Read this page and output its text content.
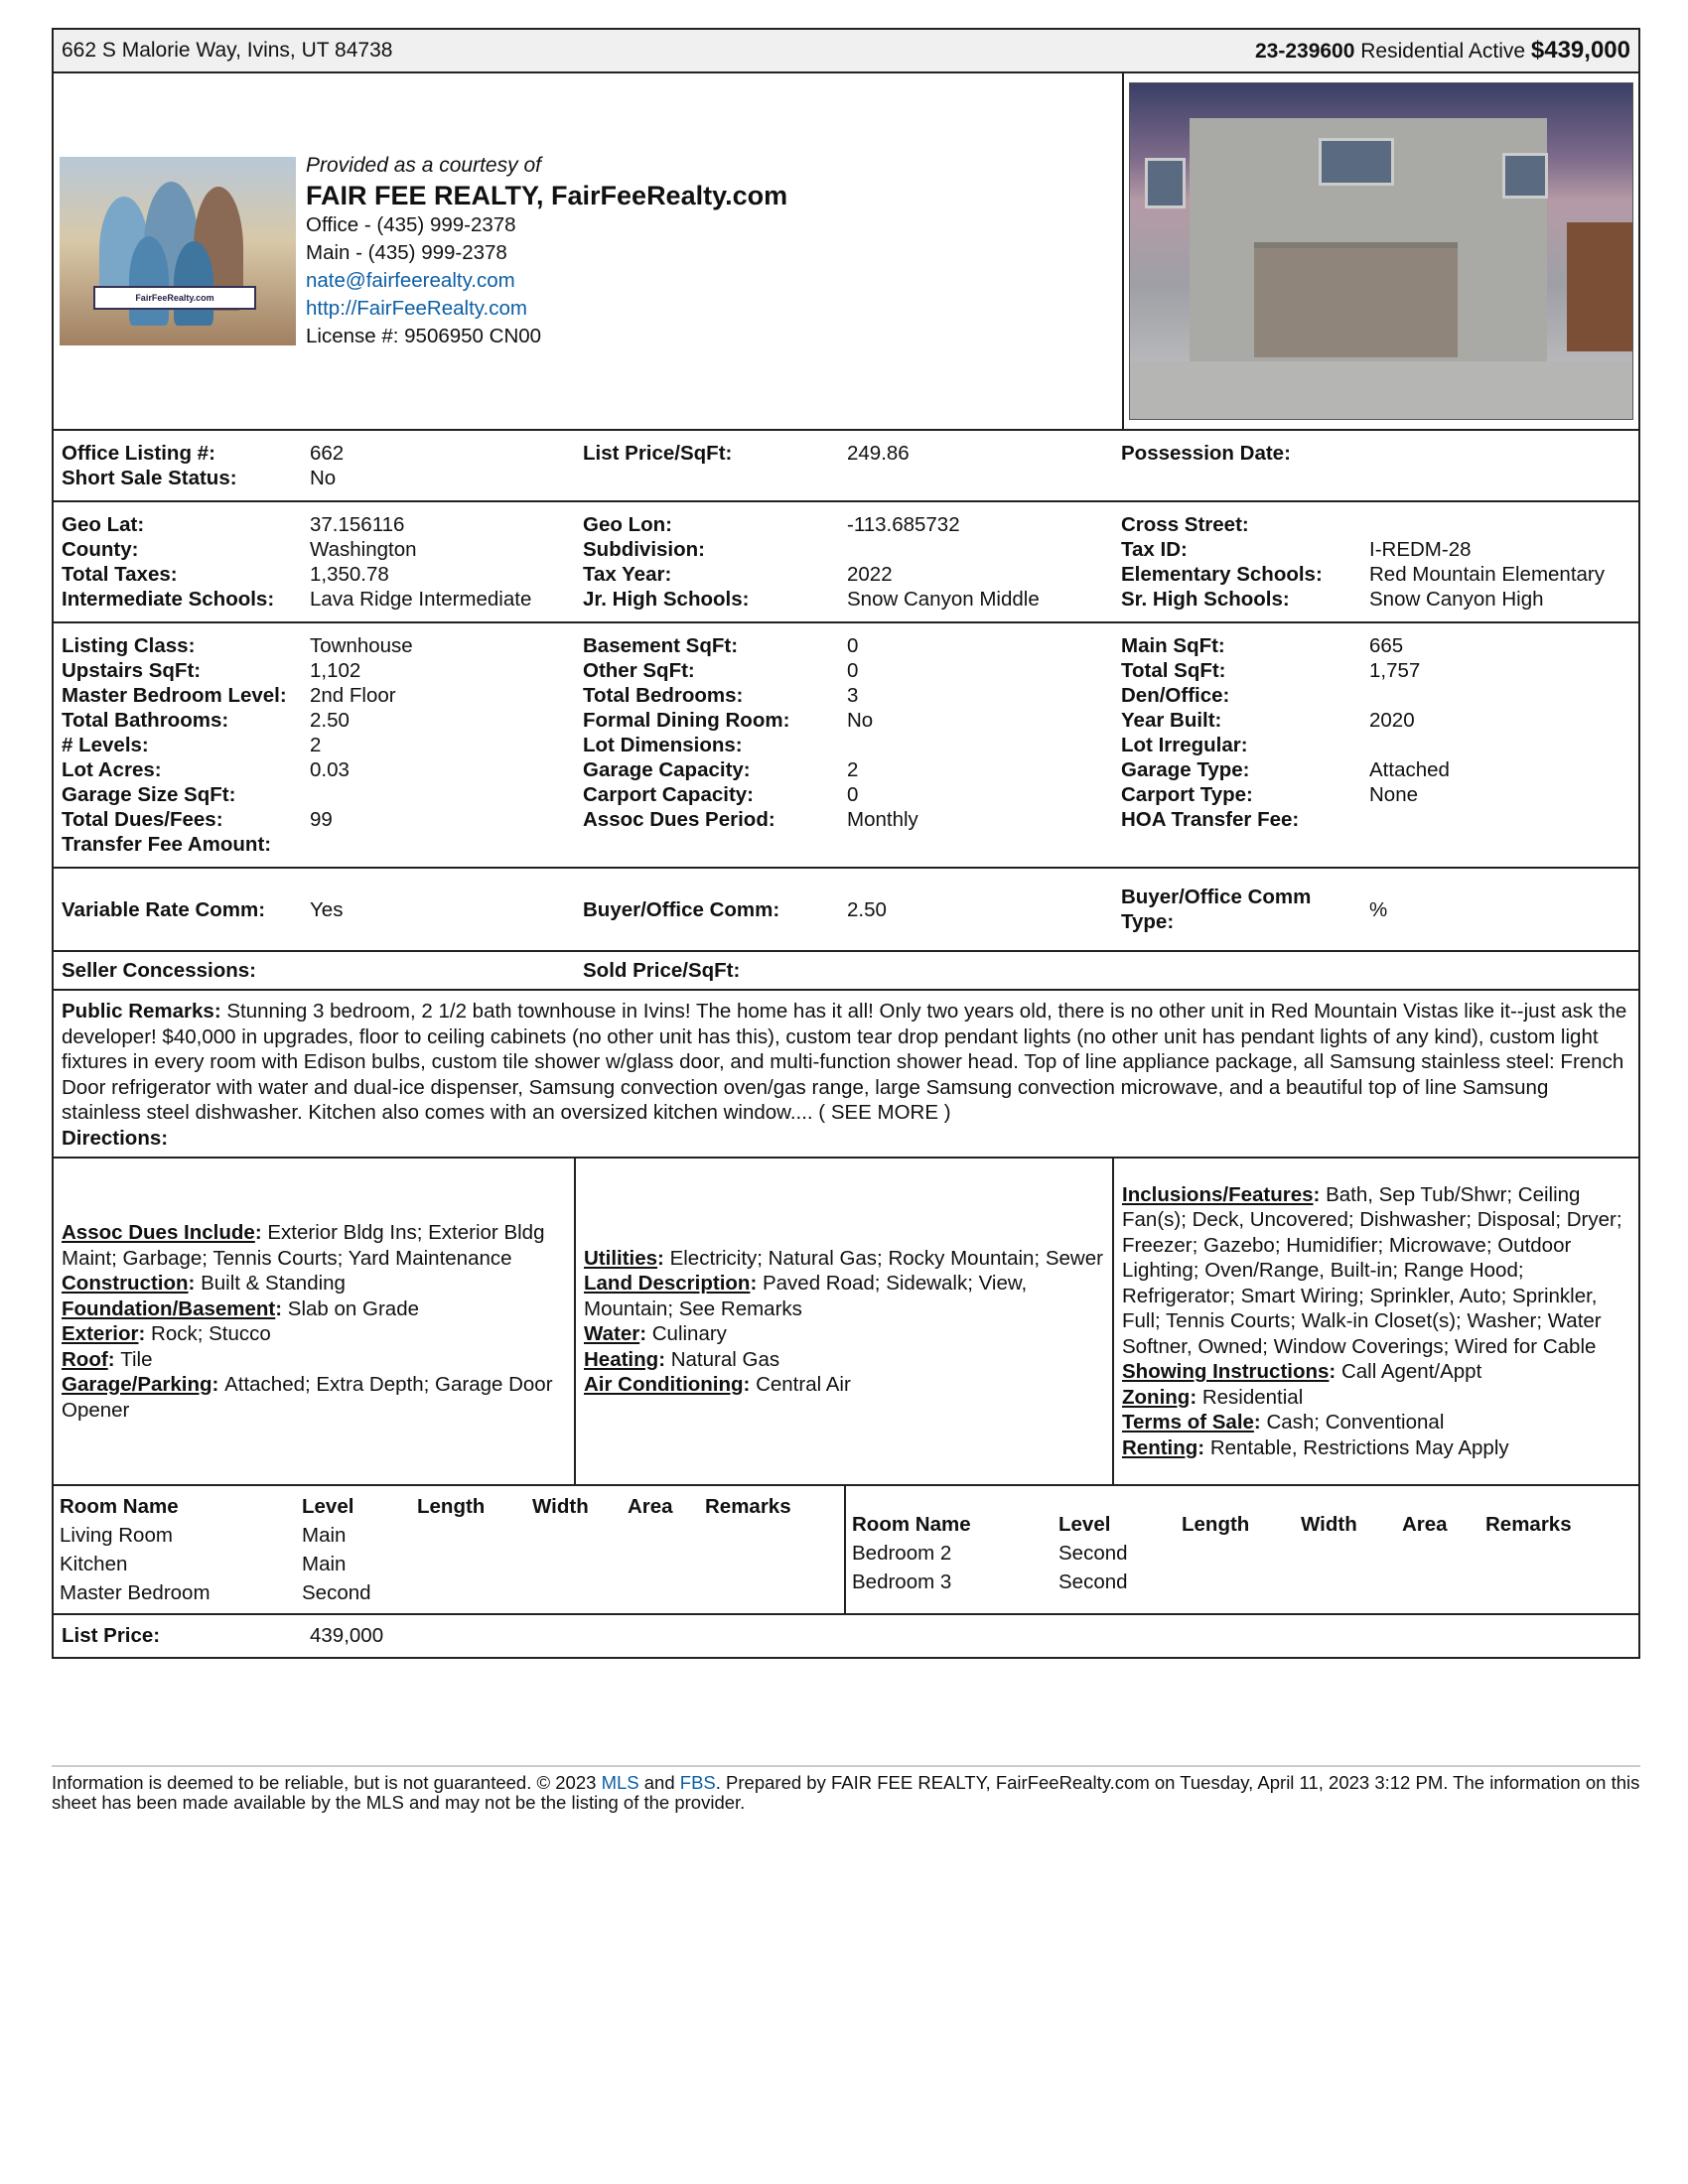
662 S Malorie Way, Ivins, UT 84738	23-239600 Residential Active $439,000
FairFeeRealty.com
Provided as a courtesy of
FAIR FEE REALTY, FairFeeRealty.com
Office - (435) 999-2378
Main - (435) 999-2378
nate@fairfeerealty.com
http://FairFeeRealty.com
License #: 9506950 CN00
Office Listing #:	662	List Price/SqFt:	249.86	Possession Date:	
Short Sale Status:	No				
Geo Lat:	37.156116	Geo Lon:	-113.685732	Cross Street:	
County:	Washington	Subdivision:		Tax ID:	I-REDM-28
Total Taxes:	1,350.78	Tax Year:	2022	Elementary Schools:	Red Mountain Elementary
Intermediate Schools:	Lava Ridge Intermediate	Jr. High Schools:	Snow Canyon Middle	Sr. High Schools:	Snow Canyon High
Listing Class:	Townhouse	Basement SqFt:	0	Main SqFt:	665
Upstairs SqFt:	1,102	Other SqFt:	0	Total SqFt:	1,757
Master Bedroom Level:	2nd Floor	Total Bedrooms:	3	Den/Office:	
Total Bathrooms:	2.50	Formal Dining Room:	No	Year Built:	2020
# Levels:	2	Lot Dimensions:		Lot Irregular:	
Lot Acres:	0.03	Garage Capacity:	2	Garage Type:	Attached
Garage Size SqFt:		Carport Capacity:	0	Carport Type:	None
Total Dues/Fees:	99	Assoc Dues Period:	Monthly	HOA Transfer Fee:	
Transfer Fee Amount:					
Variable Rate Comm:	Yes	Buyer/Office Comm:	2.50	Buyer/Office Comm Type:	%
Seller Concessions:		Sold Price/SqFt:			
Public Remarks: Stunning 3 bedroom, 2 1/2 bath townhouse in Ivins! The home has it all! Only two years old, there is no other unit in Red Mountain Vistas like it--just ask the developer! $40,000 in upgrades, floor to ceiling cabinets (no other unit has this), custom tear drop pendant lights (no other unit has pendant lights of any kind), custom light fixtures in every room with Edison bulbs, custom tile shower w/glass door, and multi-function shower head. Top of line appliance package, all Samsung stainless steel: French Door refrigerator with water and dual-ice dispenser, Samsung convection oven/gas range, large Samsung convection microwave, and a beautiful top of line Samsung stainless steel dishwasher. Kitchen also comes with an oversized kitchen window.... ( SEE MORE )
Directions:
Assoc Dues Include: Exterior Bldg Ins; Exterior Bldg Maint; Garbage; Tennis Courts; Yard Maintenance
Construction: Built & Standing
Foundation/Basement: Slab on Grade
Exterior: Rock; Stucco
Roof: Tile
Garage/Parking: Attached; Extra Depth; Garage Door Opener
Utilities: Electricity; Natural Gas; Rocky Mountain; Sewer
Land Description: Paved Road; Sidewalk; View, Mountain; See Remarks
Water: Culinary
Heating: Natural Gas
Air Conditioning: Central Air
Inclusions/Features: Bath, Sep Tub/Shwr; Ceiling Fan(s); Deck, Uncovered; Dishwasher; Disposal; Dryer; Freezer; Gazebo; Humidifier; Microwave; Outdoor Lighting; Oven/Range, Built-in; Range Hood; Refrigerator; Smart Wiring; Sprinkler, Auto; Sprinkler, Full; Tennis Courts; Walk-in Closet(s); Washer; Water Softner, Owned; Window Coverings; Wired for Cable
Showing Instructions: Call Agent/Appt
Zoning: Residential
Terms of Sale: Cash; Conventional
Renting: Rentable, Restrictions May Apply
Room Name	Level	Length	Width	Area	Remarks
Living Room	Main				
Kitchen	Main				
Master Bedroom	Second				
Room Name	Level	Length	Width	Area	Remarks
Bedroom 2	Second				
Bedroom 3	Second				
List Price:	439,000
Information is deemed to be reliable, but is not guaranteed. © 2023 MLS and FBS. Prepared by FAIR FEE REALTY, FairFeeRealty.com on Tuesday, April 11, 2023 3:12 PM. The information on this sheet has been made available by the MLS and may not be the listing of the provider.
